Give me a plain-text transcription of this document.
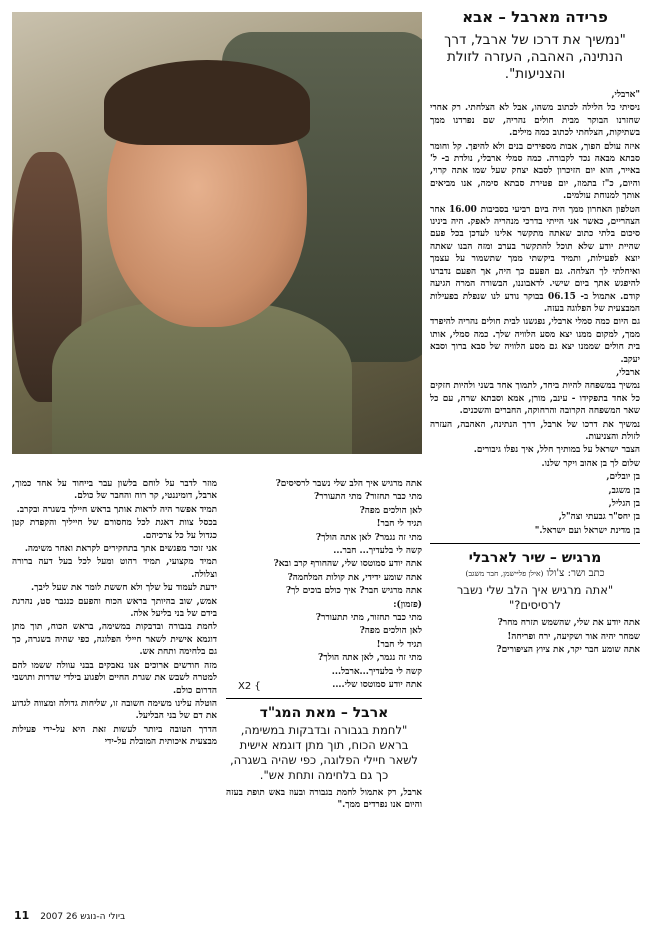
פרידה מארבל – אבא
"נמשיך את דרכו של ארבל, דרך הנתינה, האהבה, העזרה לזולת והצניעות".
"ארבלי,
ניסיתי כל הלילה לכתוב משהו, אבל לא הצלחתי. רק אחרי שחזרנו הבוקר מבית חולים נהריה, שם נפרדנו ממך בשתיקות, הצלחתי לכתוב כמה מילים.
איזה עולם הפוך, אבות מספידים בנים ולא להיפך. קל וחומר סבתא מבאה נכד לקבורה. כמה סמלי ארבלי, נולדת ב- ל' באייר, הוא יום הזיכרון לסבא יצחק שעל שמו אתה קרוי, והיום, כ"ז בתמוז, יום פטירת סבתא סימה, אנו מביאים אותך למנוחת עולמים.
הטלפון האחרון ממך היה ביום רביעי בסביבות 16.00 אחר הצהריים, כאשר אני הייתי בדרכי מנהריה לאפק. היה בינינו סיכום בלתי כתוב שאתה מתקשר אלינו לעדכן בכל פעם שהיית יודע שלא תוכל להתקשר בערב ומזה הבנו שאתה יוצא לפעילות, ותמיד ביקשתי ממך שתשמור על עצמך ואיחלתי לך הצלחה. גם הפעם כך היה, אך הפעם נדברנו להיפגש אתך ביום שישי. לדאבוננו, הבשורה המרה הגיעה קודם. אתמול ב- 06.15 בבוקר נודע לנו שנפלת בפעילות המבצעית של הפלוגה בעזה.
גם היום כמה סמלי ארבלי, נפגשנו לבית חולים נהריה להיפרד ממך, למקום ממנו יצא מסע הלוויה שלך. כמה סמלי, אותו בית חולים שממנו יצא גם מסע הלוויה של סבא ברוך וסבא יעקב.
ארבלי,
נמשיך במשפחה להיות ביחד, לתמוך אחד בשני ולהיות חזקים כל אחד בתפקידו - עינב, מורן, אמא וסבתא שרה, עם כל שאר המשפחה הקרובה והרחוקה, החברים והשכנים.
נמשיך את דרכו של ארבל, דרך הנתינה, האהבה, העזרה לזולת והצניעות.
הצבר ישראל על במותיך חלל, איך נפלו גיבורים.
שלום לך בן אהוב ויקר שלנו.
בן יובלים,
בן משגב,
בן הגליל,
בן יחס"ר גבעתי וצה"ל,
בן מדינת ישראל ועם ישראל."
מרגיש – שיר לארבלי
כתב ושר: צ'ולו (אילן פליישמן, חבר משגב)
"אתה מרגיש איך הלב שלי נשבר לרסיסים?"
אתה יודע את שלי, שהשמש תזרח מחר?
שמחר יהיה אור ושקיעה, ירח ופריחה!
אתה שומע חבר יקר, את ציוץ הציפורים?
אתה מרגיש איך הלב שלי נשבר לרסיסים?
מתי כבר תחזור? מתי התעורר?
לאן הולכים מפה?
תגיד לי חבר!
מתי זה נגמר? לאן אתה הולך?
קשה לי בלעדיך... חבר...
אתה יודע סמוטסו שלי, שהחורף קרב ובא?
אתה שומע ידידי, את קולות המלחמה?
אתה מרגיש חבר? איך כולם בוכים לך?
(פזמון):
מתי כבר תחזור, מתי תתעורר?
לאן הולכים מפה?
תגיד לי חבר!
מתי זה נגמר, לאן אתה הולך?
קשה לי בלעדיך...ארבל...
אתה יודע סמוטסו שלי....
ארבל – מאת המג"ד
"לחמת בגבורה ובדבקות במשימה, בראש הכוח, תוך מתן דוגמא אישית לשאר חיילי הפלוגה, כפי שהיה בשגרה, כך גם בלחימה ותחת אש".
ארבל, רק אתמול לחמת בגבורה ובעוז באש תופת בעזה והיום אנו נפרדים ממך."
X2 {
מוזר לדבר על לוחם בלשון עבר בייחוד על אחד כמוך, ארבל, דומיננטי, קר רוח והחבר של כולם.
תמיד אפשר היה לראות אותך בראש חיילך בשגרה ובקרב.
בכסל צוות דאגת לכל מחסורם של חייליך והקפדת קטן כגדול על כל צרכיהם.
אני זוכר מפגשים אתך בתחקירים לקראת ואחר משימה.
תמיד מקצועי, תמיד רהוט ומעל לכל בעל דעה ברורה וצלולה.
ידעת לעמוד על שלך ולא חששת לומר את שעל ליבך.
אמש, שוב בהיותך בראש הכוח והפעם כנגבר סט, נהרגת בידם של בני בליעל אלה.
לחמת בגבורה ובדבקות במשימה, בראש הכוח, תוך מתן דוגמא אישית לשאר חיילי הפלוגה, כפי שהיה בשגרה, כך גם בלחימה ותחת אש.
מזה חודשים ארוכים אנו נאבקים בבני עוולה ששמו להם למטרה לשבש את שגרת החיים ולפגוע בילדי שדרות ותושבי הדרום כולם.
הוטלה עלינו משימה חשובה זו, שליחות גדולה ומצווה לגדוע את דם של בני הבליעל.
הדרך הטובה ביותר לעשות זאת היא על-ידי פעילות מבצעית איכותית המובלת על-ידי
11 2007 26 ביולי ה-נוגש
